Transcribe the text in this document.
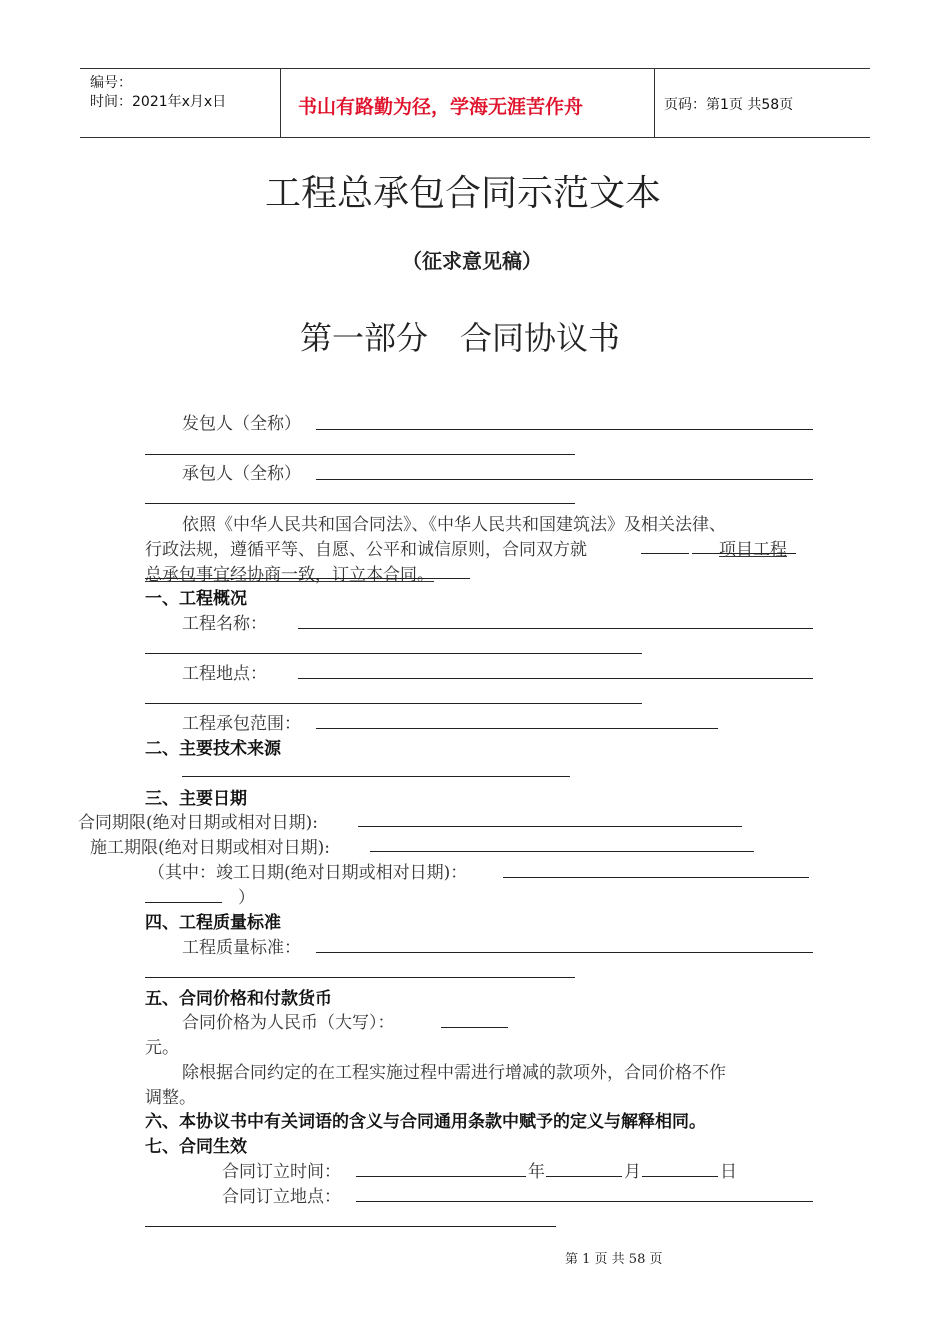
编号：
时间：2021年x月x日	书山有路勤为径，学海无涯苦作舟	页码：第1页 共58页
工程总承包合同示范文本
（征求意见稿）
第一部分　合同协议书
发包人（全称）
承包人（全称）
依照《中华人民共和国合同法》、《中华人民共和国建筑法》及相关法律、
行政法规，遵循平等、自愿、公平和诚信原则，合同双方就	项目工程
总承包事宜经协商一致，订立本合同。
一、工程概况
工程名称：
工程地点：
工程承包范围：
二、主要技术来源
三、主要日期
合同期限(绝对日期或相对日期):
施工期限(绝对日期或相对日期):
（其中：竣工日期(绝对日期或相对日期)：
）
四、工程质量标准
工程质量标准：
五、合同价格和付款货币
合同价格为人民币（大写）：
元。
除根据合同约定的在工程实施过程中需进行增减的款项外，合同价格不作
调整。
六、本协议书中有关词语的含义与合同通用条款中赋予的定义与解释相同。
七、合同生效
合同订立时间：	年	月	日
合同订立地点：
第 1 页 共 58 页
